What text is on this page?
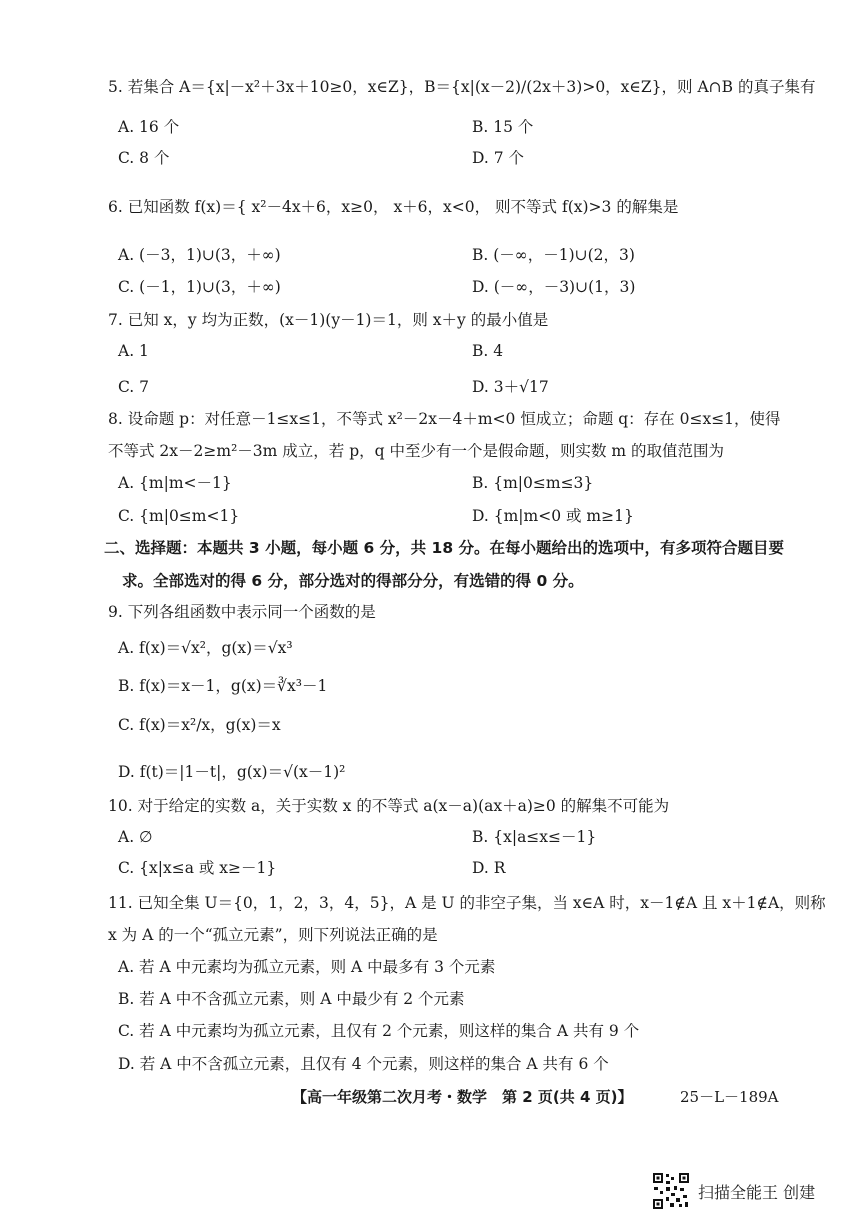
5. 若集合 A＝{x|－x²＋3x＋10≥0，x∈Z}，B＝{x|(x－2)/(2x＋3)>0，x∈Z}，则 A∩B 的真子集有
A. 16 个	B. 15 个
C. 8 个	D. 7 个
6. 已知函数 f(x)＝{ x²－4x＋6，x≥0， x＋6，x<0， 则不等式 f(x)>3 的解集是
A. (－3，1)∪(3，＋∞)	B. (－∞，－1)∪(2，3)
C. (－1，1)∪(3，＋∞)	D. (－∞，－3)∪(1，3)
7. 已知 x，y 均为正数，(x－1)(y－1)＝1，则 x＋y 的最小值是
A. 1	B. 4
C. 7	D. 3＋√17
8. 设命题 p：对任意－1≤x≤1，不等式 x²－2x－4＋m<0 恒成立；命题 q：存在 0≤x≤1，使得
不等式 2x－2≥m²－3m 成立，若 p，q 中至少有一个是假命题，则实数 m 的取值范围为
A. {m|m<－1}	B. {m|0≤m≤3}
C. {m|0≤m<1}	D. {m|m<0 或 m≥1}
二、选择题：本题共 3 小题，每小题 6 分，共 18 分。在每小题给出的选项中，有多项符合题目要
求。全部选对的得 6 分，部分选对的得部分分，有选错的得 0 分。
9. 下列各组函数中表示同一个函数的是
A. f(x)＝√x²，g(x)＝√x³
B. f(x)＝x－1，g(x)＝∛x³－1
C. f(x)＝x²/x，g(x)＝x
D. f(t)＝|1－t|，g(x)＝√(x－1)²
10. 对于给定的实数 a，关于实数 x 的不等式 a(x－a)(ax＋a)≥0 的解集不可能为
A. ∅	B. {x|a≤x≤－1}
C. {x|x≤a 或 x≥－1}	D. R
11. 已知全集 U＝{0，1，2，3，4，5}，A 是 U 的非空子集，当 x∈A 时，x－1∉A 且 x＋1∉A，则称
x 为 A 的一个“孤立元素”，则下列说法正确的是
A. 若 A 中元素均为孤立元素，则 A 中最多有 3 个元素
B. 若 A 中不含孤立元素，则 A 中最少有 2 个元素
C. 若 A 中元素均为孤立元素，且仅有 2 个元素，则这样的集合 A 共有 9 个
D. 若 A 中不含孤立元素，且仅有 4 个元素，则这样的集合 A 共有 6 个
【高一年级第二次月考・数学　第 2 页(共 4 页)】	25－L－189A
扫描全能王 创建
